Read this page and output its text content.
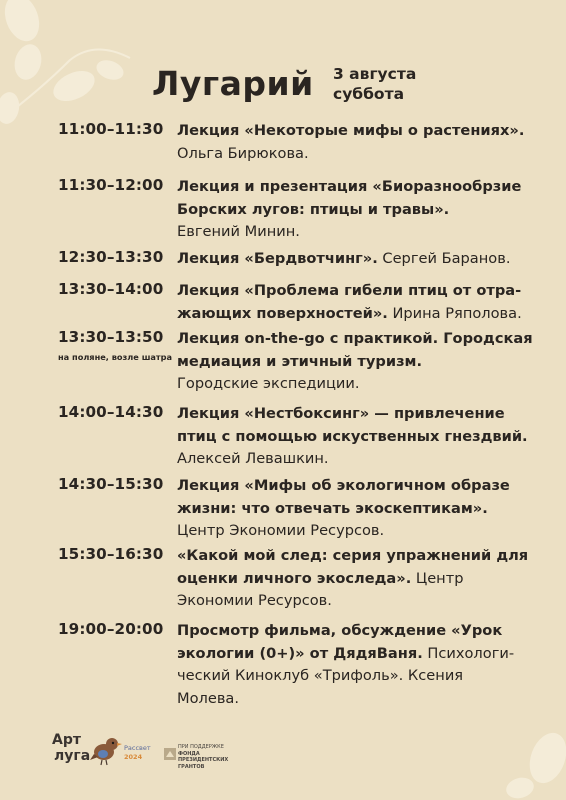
Лугарий 3 августа
суббота
11:00–11:30 Лекция «Некоторые мифы о растениях».
Ольга Бирюкова.
11:30–12:00 Лекция и презентация «Биоразнообрзие
Борских лугов: птицы и травы».
Евгений Минин.
12:30–13:30 Лекция «Бердвотчинг». Сергей Баранов.
13:30–14:00 Лекция «Проблема гибели птиц от отра-
жающих поверхностей». Ирина Ряполова.
13:30–13:50
на поляне, возле шатра
Лекция on-the-go с практикой. Городская
медиация и этичный туризм.
Городские экспедиции.
14:00–14:30 Лекция «Нестбоксинг» — привлечение
птиц с помощью искуственных гнездвий.
Алексей Левашкин.
14:30–15:30 Лекция «Мифы об экологичном образе
жизни: что отвечать экоскептикам».
Центр Экономии Ресурсов.
15:30–16:30 «Какой мой след: серия упражнений для
оценки личного экоследа». Центр
Экономии Ресурсов.
19:00–20:00 Просмотр фильма, обсуждение «Урок
экологии (0+)» от ДядяВаня. Психологи-
ческий Киноклуб «Трифоль». Ксения
Молева.
Арт
луга	Рассвет
2024
ПРИ ПОДДЕРЖКЕ
ФОНДА
ПРЕЗИДЕНТСКИХ
ГРАНТОВ
